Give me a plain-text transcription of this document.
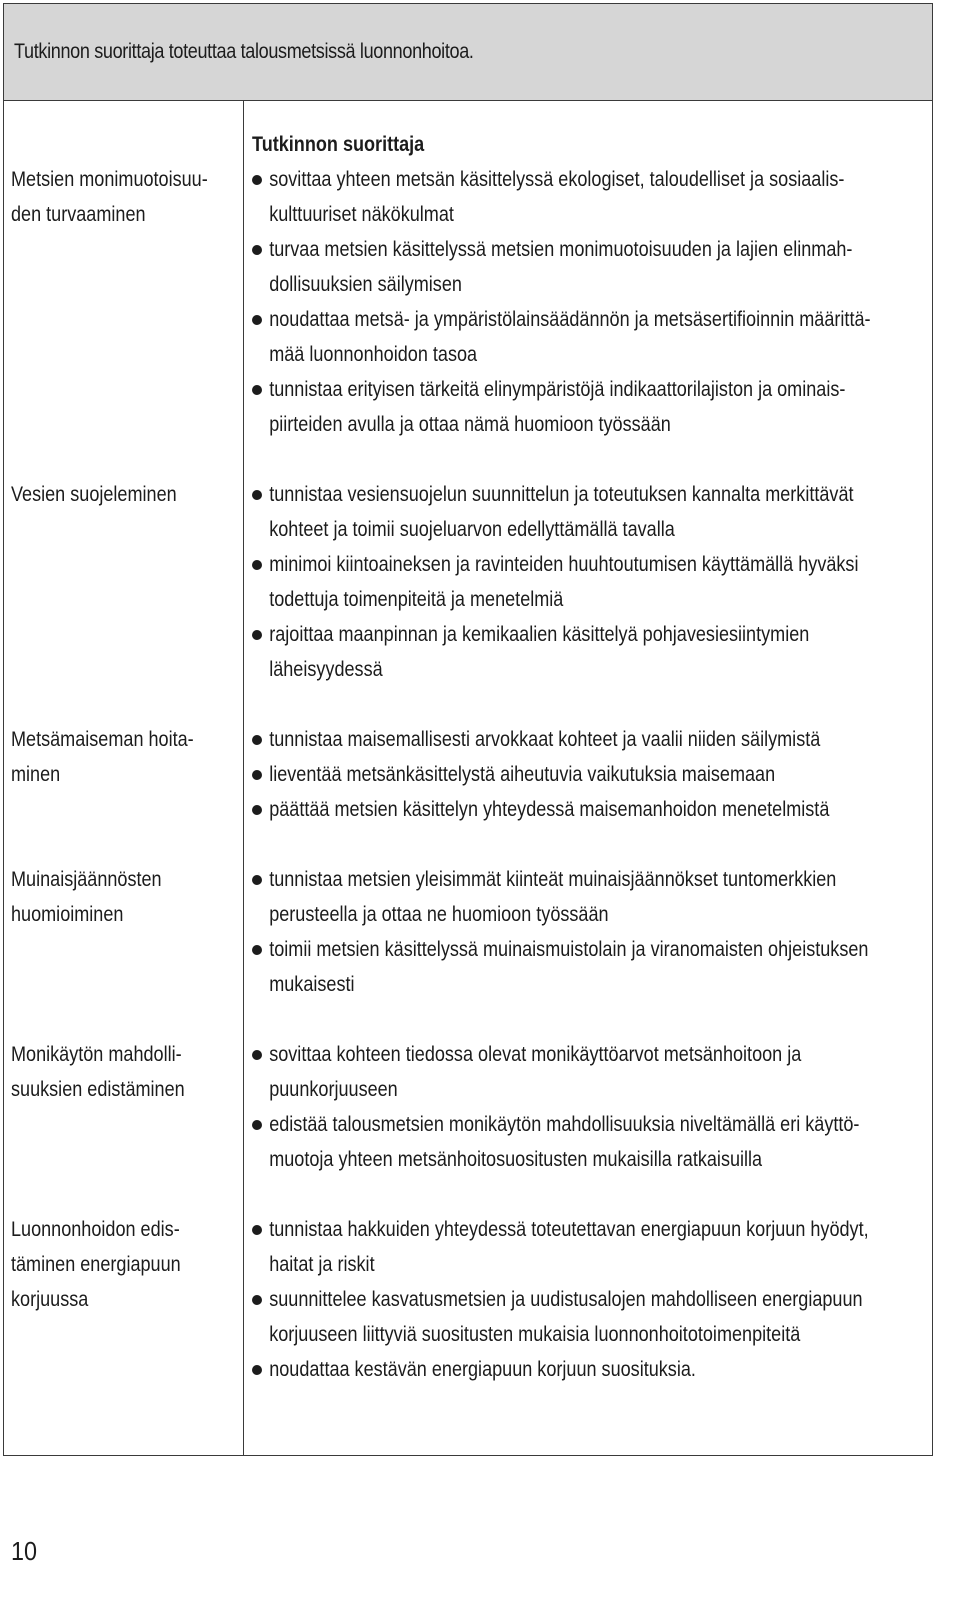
Tutkinnon suorittaja toteuttaa talousmetsissä luonnonhoitoa.
Tutkinnon suorittaja
Metsien monimuotoisuu-
den turvaaminen
sovittaa yhteen metsän käsittelyssä ekologiset, taloudelliset ja sosiaalis-
kulttuuriset näkökulmat
turvaa metsien käsittelyssä metsien monimuotoisuuden ja lajien elinmah-
dollisuuksien säilymisen
noudattaa metsä- ja ympäristölainsäädännön ja metsäsertifioinnin määrittä-
mää luonnonhoidon tasoa
tunnistaa erityisen tärkeitä elinympäristöjä indikaattorilajiston ja ominais-
piirteiden avulla ja ottaa nämä huomioon työssään
Vesien suojeleminen	tunnistaa vesiensuojelun suunnittelun ja toteutuksen kannalta merkittävät
kohteet ja toimii suojeluarvon edellyttämällä tavalla
minimoi kiintoaineksen ja ravinteiden huuhtoutumisen käyttämällä hyväksi
todettuja toimenpiteitä ja menetelmiä
rajoittaa maanpinnan ja kemikaalien käsittelyä pohjavesiesiintymien
läheisyydessä
Metsämaiseman hoita-
minen
tunnistaa maisemallisesti arvokkaat kohteet ja vaalii niiden säilymistä
lieventää metsänkäsittelystä aiheutuvia vaikutuksia maisemaan
päättää metsien käsittelyn yhteydessä maisemanhoidon menetelmistä
Muinaisjäännösten
huomioiminen
tunnistaa metsien yleisimmät kiinteät muinaisjäännökset tuntomerkkien
perusteella ja ottaa ne huomioon työssään
toimii metsien käsittelyssä muinaismuistolain ja viranomaisten ohjeistuksen
mukaisesti
Monikäytön mahdolli-
suuksien edistäminen
sovittaa kohteen tiedossa olevat monikäyttöarvot metsänhoitoon ja
puunkorjuuseen
edistää talousmetsien monikäytön mahdollisuuksia niveltämällä eri käyttö-
muotoja yhteen metsänhoitosuositusten mukaisilla ratkaisuilla
Luonnonhoidon edis-
täminen energiapuun
korjuussa
tunnistaa hakkuiden yhteydessä toteutettavan energiapuun korjuun hyödyt,
haitat ja riskit
suunnittelee kasvatusmetsien ja uudistusalojen mahdolliseen energiapuun
korjuuseen liittyviä suositusten mukaisia luonnonhoitotoimenpiteitä
noudattaa kestävän energiapuun korjuun suosituksia.
10
